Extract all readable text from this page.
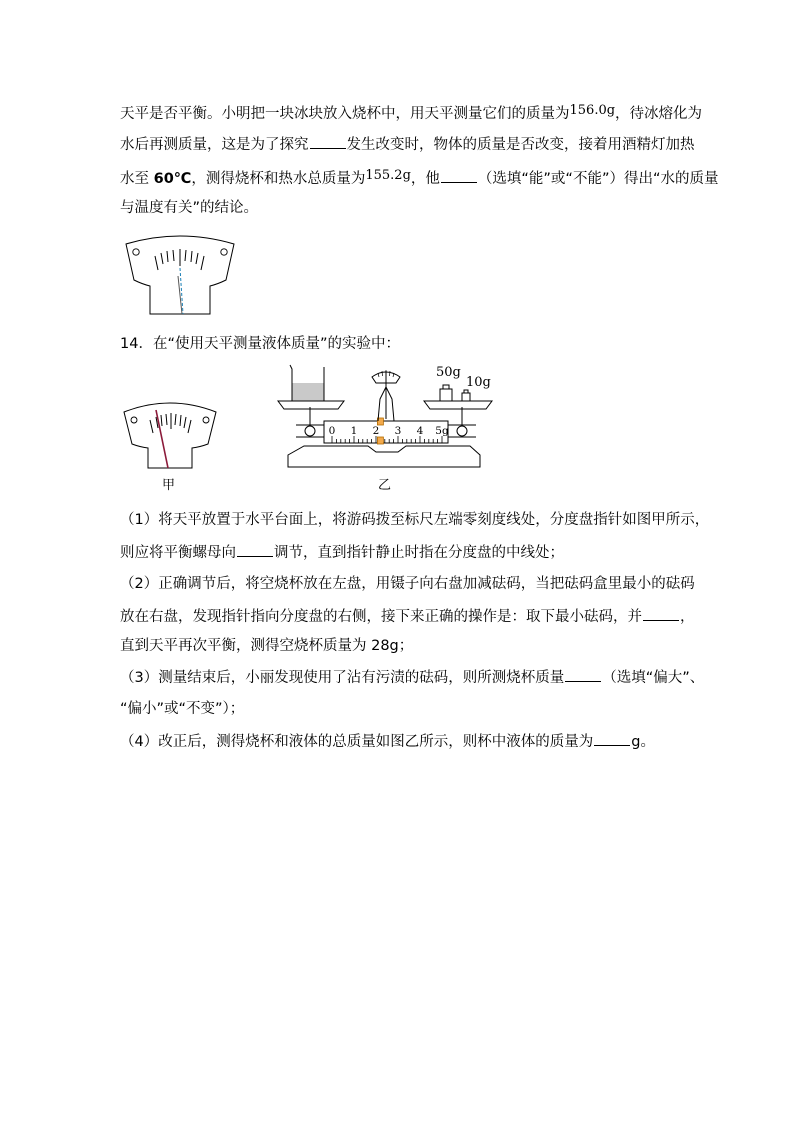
天平是否平衡。小明把一块冰块放入烧杯中，用天平测量它们的质量为156.0g，待冰熔化为
水后再测质量，这是为了探究	发生改变时，物体的质量是否改变，接着用酒精灯加热
水至 60℃，测得烧杯和热水总质量为155.2g，他	（选填“能”或“不能”）得出“水的质量
与温度有关”的结论。
14．在“使用天平测量液体质量”的实验中：
甲
0 1 2 3 4 5g
50g
10g
乙
（1）将天平放置于水平台面上，将游码拨至标尺左端零刻度线处，分度盘指针如图甲所示，
则应将平衡螺母向	调节，直到指针静止时指在分度盘的中线处；
（2）正确调节后，将空烧杯放在左盘，用镊子向右盘加减砝码，当把砝码盒里最小的砝码
放在右盘，发现指针指向分度盘的右侧，接下来正确的操作是：取下最小砝码，并	，
直到天平再次平衡，测得空烧杯质量为 28g；
（3）测量结束后，小丽发现使用了沾有污渍的砝码，则所测烧杯质量	（选填“偏大”、
“偏小”或“不变”）；
（4）改正后，测得烧杯和液体的总质量如图乙所示，则杯中液体的质量为	g。
